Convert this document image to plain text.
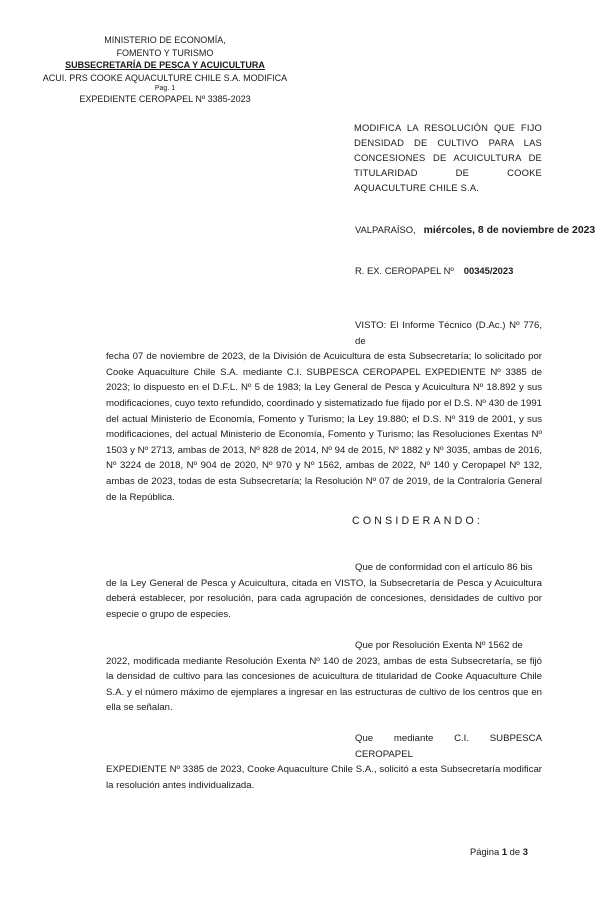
MINISTERIO DE ECONOMÍA,
FOMENTO Y TURISMO
SUBSECRETARÍA DE PESCA Y ACUICULTURA
ACUI. PRS COOKE AQUACULTURE CHILE S.A. MODIFICA
Pag. 1
EXPEDIENTE CEROPAPEL Nº 3385-2023
MODIFICA LA RESOLUCIÓN QUE FIJO DENSIDAD DE CULTIVO PARA LAS CONCESIONES DE ACUICULTURA DE TITULARIDAD DE COOKE AQUACULTURE CHILE S.A.
VALPARAÍSO, miércoles, 8 de noviembre de 2023
R. EX. CEROPAPEL Nº 00345/2023
VISTO: El Informe Técnico (D.Ac.) Nº 776, de
fecha 07 de noviembre de 2023, de la División de Acuicultura de esta Subsecretaría; lo solicitado por Cooke Aquaculture Chile S.A. mediante C.I. SUBPESCA CEROPAPEL EXPEDIENTE Nº 3385 de 2023; lo dispuesto en el D.F.L. Nº 5 de 1983; la Ley General de Pesca y Acuicultura Nº 18.892 y sus modificaciones, cuyo texto refundido, coordinado y sistematizado fue fijado por el D.S. Nº 430 de 1991 del actual Ministerio de Economía, Fomento y Turismo; la Ley 19.880; el D.S. Nº 319 de 2001, y sus modificaciones, del actual Ministerio de Economía, Fomento y Turismo; las Resoluciones Exentas Nº 1503 y Nº 2713, ambas de 2013, Nº 828 de 2014, Nº 94 de 2015, Nº 1882 y Nº 3035, ambas de 2016, Nº 3224 de 2018, Nº 904 de 2020, Nº 970 y Nº 1562, ambas de 2022, Nº 140 y Ceropapel Nº 132, ambas de 2023, todas de esta Subsecretaría; la Resolución Nº 07 de 2019, de la Contraloría General de la República.
CONSIDERANDO:
Que de conformidad con el artículo 86 bis
de la Ley General de Pesca y Acuicultura, citada en VISTO, la Subsecretaría de Pesca y Acuicultura deberá establecer, por resolución, para cada agrupación de concesiones, densidades de cultivo por especie o grupo de especies.
Que por Resolución Exenta Nº 1562 de
2022, modificada mediante Resolución Exenta Nº 140 de 2023, ambas de esta Subsecretaría, se fijó la densidad de cultivo para las concesiones de acuicultura de titularidad de Cooke Aquaculture Chile S.A. y el número máximo de ejemplares a ingresar en las estructuras de cultivo de los centros que en ella se señalan.
Que mediante C.I. SUBPESCA CEROPAPEL
EXPEDIENTE Nº 3385 de 2023, Cooke Aquaculture Chile S.A., solicitó a esta Subsecretaría modificar la resolución antes individualizada.
Página 1 de 3
